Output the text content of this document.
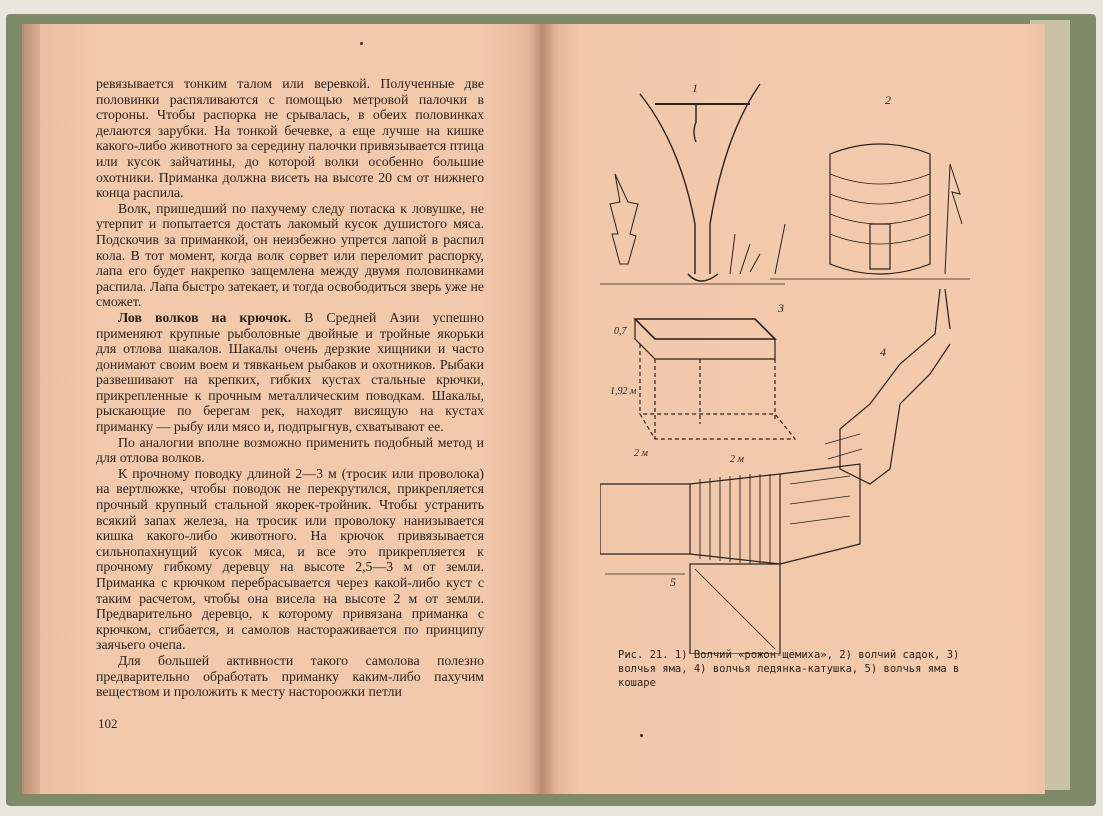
ревязывается тонким талом или веревкой. Полученные две половинки распяливаются с помощью метровой палочки в стороны. Чтобы распорка не срывалась, в обеих половинках делаются зарубки. На тонкой бечевке, а еще лучше на кишке какого-либо животного за середину палочки привязывается птица или кусок зайчатины, до которой волки особенно большие охотники. Приманка должна висеть на высоте 20 см от нижнего конца распила.

Волк, пришедший по пахучему следу потаска к ловушке, не утерпит и попытается достать лакомый кусок душистого мяса. Подскочив за приманкой, он неизбежно упрется лапой в распил кола. В тот момент, когда волк сорвет или переломит распорку, лапа его будет накрепко защемлена между двумя половинками распила. Лапа быстро затекает, и тогда освободиться зверь уже не сможет.

Лов волков на крючок. В Средней Азии успешно применяют крупные рыболовные двойные и тройные якорьки для отлова шакалов. Шакалы очень дерзкие хищники и часто донимают своим воем и тявканьем рыбаков и охотников. Рыбаки развешивают на крепких, гибких кустах стальные крючки, прикрепленные к прочным металлическим поводкам. Шакалы, рыскающие по берегам рек, находят висящую на кустах приманку — рыбу или мясо и, подпрыгнув, схватывают ее.

По аналогии вполне возможно применить подобный метод и для отлова волков.

К прочному поводку длиной 2—3 м (тросик или проволока) на вертлюжке, чтобы поводок не перекрутился, прикрепляется прочный крупный стальной якорек-тройник. Чтобы устранить всякий запах железа, на тросик или проволоку нанизывается кишка какого-либо животного. На крючок привязывается сильнопахнущий кусок мяса, и все это прикрепляется к прочному гибкому деревцу на высоте 2,5—3 м от земли. Приманка с крючком перебрасывается через какой-либо куст с таким расчетом, чтобы она висела на высоте 2 м от земли. Предварительно деревцо, к которому привязана приманка с крючком, сгибается, и самолов настораживается по принципу заячьего очепа.

Для большей активности такого самолова полезно предварительно обработать приманку каким-либо пахучим веществом и проложить к месту настороожки петли

102
1
2
3
0,7
1,92 м
2 м
2 м
4
5
Рис. 21. 1) Волчий «рожон-щемиха», 2) волчий садок, 3) волчья яма, 4) волчья ледянка-катушка, 5) волчья яма в кошаре
